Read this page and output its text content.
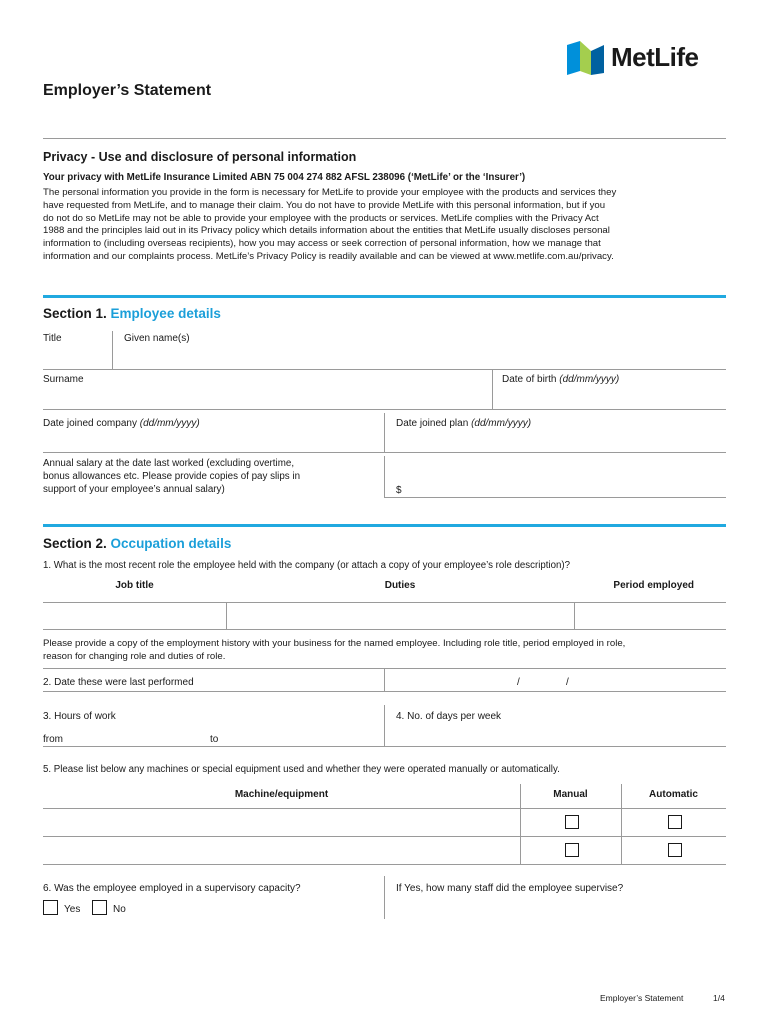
MetLife
Employer’s Statement
Privacy - Use and disclosure of personal information
Your privacy with MetLife Insurance Limited ABN 75 004 274 882 AFSL 238096 (‘MetLife’ or the ‘Insurer’)
The personal information you provide in the form is necessary for MetLife to provide your employee with the products and services they
have requested from MetLife, and to manage their claim. You do not have to provide MetLife with this personal information, but if you
do not do so MetLife may not be able to provide your employee with the products or services. MetLife complies with the Privacy Act
1988 and the principles laid out in its Privacy policy which details information about the entities that MetLife usually discloses personal
information to (including overseas recipients), how you may access or seek correction of personal information, how we manage that
information and our complaints process. MetLife’s Privacy Policy is readily available and can be viewed at www.metlife.com.au/privacy.
Section 1. Employee details
Title	Given name(s)
Surname	Date of birth (dd/mm/yyyy)
Date joined company (dd/mm/yyyy)	Date joined plan (dd/mm/yyyy)
Annual salary at the date last worked (excluding overtime,
bonus allowances etc. Please provide copies of pay slips in
support of your employee’s annual salary)	$
Section 2. Occupation details
1. What is the most recent role the employee held with the company (or attach a copy of your employee’s role description)?
Job title	Duties	Period employed
Please provide a copy of the employment history with your business for the named employee. Including role title, period employed in role,
reason for changing role and duties of role.
2. Date these were last performed	/	/
3. Hours of work	4. No. of days per week
from	to
5. Please list below any machines or special equipment used and whether they were operated manually or automatically.
Machine/equipment	Manual	Automatic
6. Was the employee employed in a supervisory capacity?	If Yes, how many staff did the employee supervise?
Yes	No
Employer’s Statement	1/4
